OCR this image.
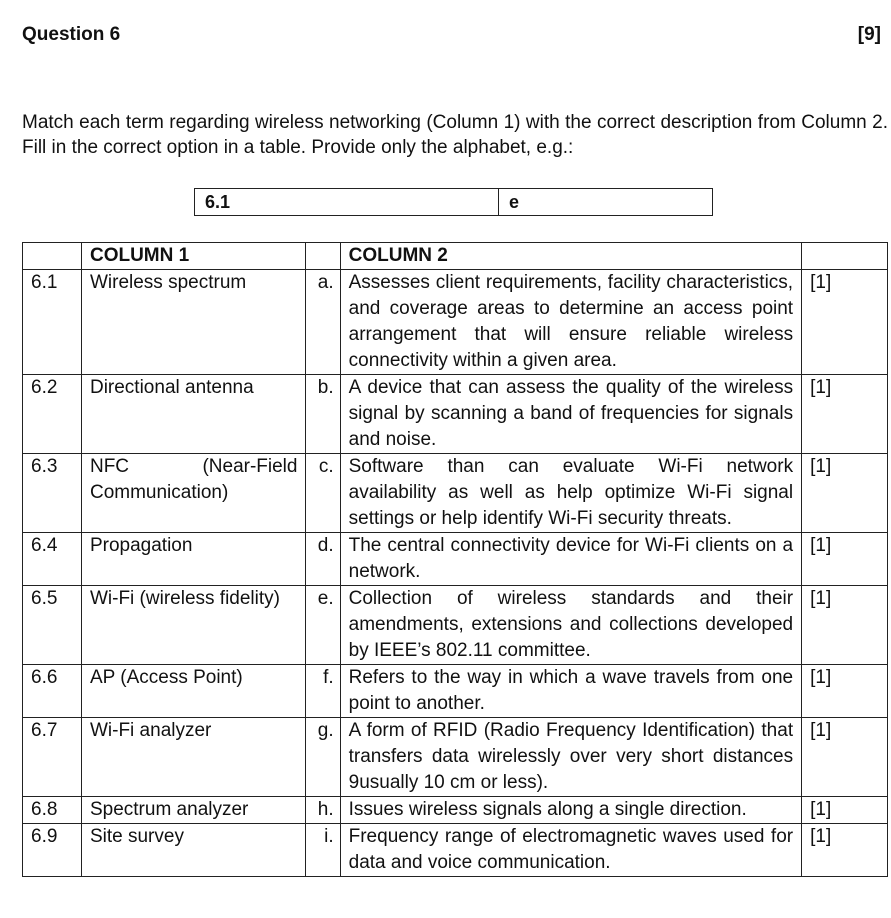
Question 6	[9]
Match each term regarding wireless networking (Column 1) with the correct description from Column 2. Fill in the correct option in a table. Provide only the alphabet, e.g.:
6.1	e
	COLUMN 1		COLUMN 2	
6.1	Wireless spectrum	a.	Assesses client requirements, facility characteristics, and coverage areas to determine an access point arrangement that will ensure reliable wireless connectivity within a given area.	[1]
6.2	Directional antenna	b.	A device that can assess the quality of the wireless signal by scanning a band of frequencies for signals and noise.	[1]
6.3	NFC (Near-Field Communication)	c.	Software than can evaluate Wi-Fi network availability as well as help optimize Wi-Fi signal settings or help identify Wi-Fi security threats.	[1]
6.4	Propagation	d.	The central connectivity device for Wi-Fi clients on a network.	[1]
6.5	Wi-Fi (wireless fidelity)	e.	Collection of wireless standards and their amendments, extensions and collections developed by IEEE’s 802.11 committee.	[1]
6.6	AP (Access Point)	f.	Refers to the way in which a wave travels from one point to another.	[1]
6.7	Wi-Fi analyzer	g.	A form of RFID (Radio Frequency Identification) that transfers data wirelessly over very short distances 9usually 10 cm or less).	[1]
6.8	Spectrum analyzer	h.	Issues wireless signals along a single direction.	[1]
6.9	Site survey	i.	Frequency range of electromagnetic waves used for data and voice communication.	[1]
